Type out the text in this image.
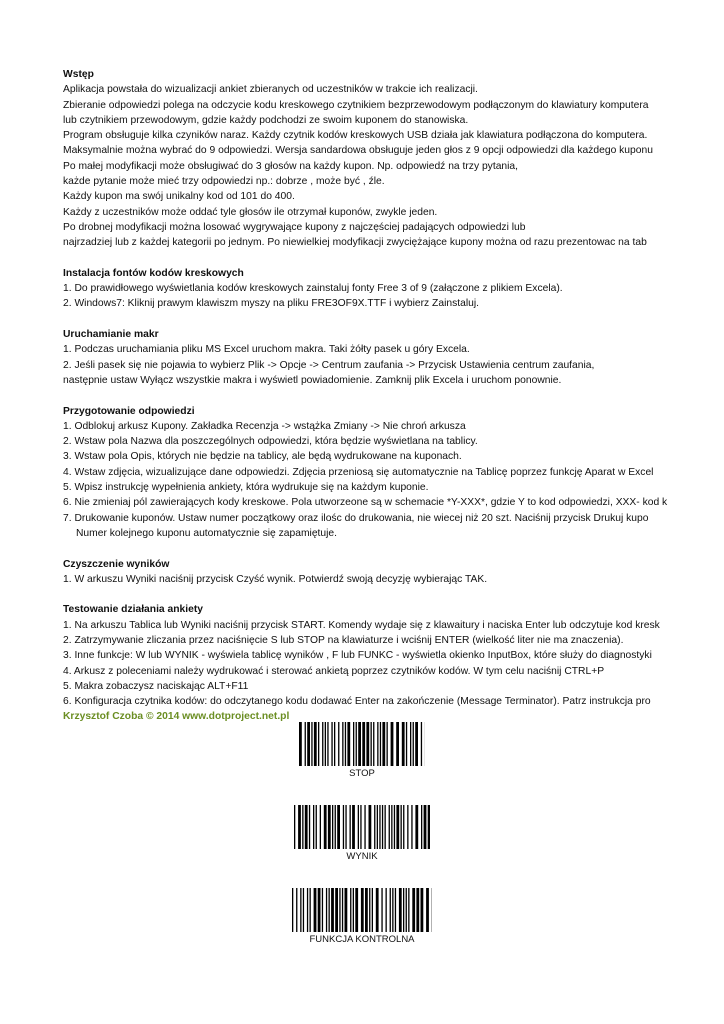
Wstęp
Aplikacja powstała do wizualizacji ankiet zbieranych od uczestników w trakcie ich realizacji.
Zbieranie odpowiedzi polega na odczycie kodu kreskowego czytnikiem bezprzewodowym podłączonym do klawiatury komputera
lub czytnikiem przewodowym, gdzie każdy podchodzi ze swoim kuponem do stanowiska.
Program obsługuje kilka czyników naraz. Każdy czytnik kodów kreskowych USB działa jak klawiatura podłączona do komputera.
Maksymalnie można wybrać do 9 odpowiedzi. Wersja sandardowa obsługuje jeden głos z 9 opcji odpowiedzi dla każdego kuponu
Po małej modyfikacji może obsługiwać do 3 głosów na każdy kupon. Np. odpowiedź na trzy pytania,
każde pytanie może mieć trzy odpowiedzi np.: dobrze , może być , źle.
Każdy kupon ma swój unikalny kod od 101 do 400.
Każdy z uczestników może oddać tyle głosów ile otrzymał kuponów, zwykle jeden.
Po drobnej modyfikacji można losować wygrywające kupony z najczęściej padających odpowiedzi lub
najrzadziej lub z każdej kategorii po jednym. Po niewielkiej modyfikacji zwyciężające kupony można od razu prezentowac na tab
Instalacja fontów kodów kreskowych
1. Do prawidłowego wyświetlania kodów kreskowych zainstaluj fonty Free 3 of 9 (załączone z plikiem Excela).
2. Windows7: Kliknij prawym klawiszm myszy na pliku FRE3OF9X.TTF i wybierz Zainstaluj.
Uruchamianie makr
1. Podczas uruchamiania pliku MS Excel uruchom makra. Taki żółty pasek u góry Excela.
2. Jeśli pasek się nie pojawia to wybierz Plik -> Opcje -> Centrum zaufania -> Przycisk Ustawienia centrum zaufania,
następnie ustaw Wyłącz wszystkie makra i wyświetl powiadomienie. Zamknij plik Excela i uruchom ponownie.
Przygotowanie odpowiedzi
1. Odblokuj arkusz Kupony. Zakładka Recenzja -> wstążka Zmiany -> Nie chroń arkusza
2. Wstaw pola Nazwa dla poszczególnych odpowiedzi, która będzie wyświetlana na tablicy.
3. Wstaw pola Opis, których nie będzie na tablicy, ale będą wydrukowane na kuponach.
4. Wstaw zdjęcia, wizualizujące dane odpowiedzi. Zdjęcia przeniosą się automatycznie na Tablicę poprzez funkcję Aparat w Excel
5. Wpisz instrukcję wypełnienia ankiety, która wydrukuje się na każdym kuponie.
6. Nie zmieniaj pól zawierających kody kreskowe. Pola utworzeone są w schemacie *Y-XXX*, gdzie Y to kod odpowiedzi, XXX- kod k
7. Drukowanie kuponów. Ustaw numer początkowy oraz ilośc do drukowania, nie wiecej niż 20 szt. Naciśnij przycisk Drukuj kupo
Numer kolejnego kuponu automatycznie się zapamiętuje.
Czyszczenie wyników
1. W arkuszu Wyniki naciśnij przycisk Czyść wynik. Potwierdź swoją decyzję wybierając TAK.
Testowanie działania ankiety
1. Na arkuszu Tablica lub Wyniki naciśnij przycisk START. Komendy wydaje się z klawaitury i naciska Enter lub odczytuje kod kresk
2. Zatrzymywanie zliczania przez naciśnięcie S lub STOP na klawiaturze i wciśnij ENTER (wielkość liter nie ma znaczenia).
3. Inne funkcje: W lub WYNIK - wyświela tablicę wyników , F lub FUNKC - wyświetla okienko InputBox, które służy do diagnostyki
4. Arkusz z poleceniami należy wydrukować i sterować ankietą poprzez czytników kodów. W tym celu naciśnij CTRL+P
5. Makra zobaczysz naciskając ALT+F11
6. Konfiguracja czytnika kodów: do odczytanego kodu dodawać Enter na zakończenie (Message Terminator). Patrz instrukcja pro
Krzysztof Czoba © 2014 www.dotproject.net.pl
STOP
WYNIK
FUNKCJA KONTROLNA
